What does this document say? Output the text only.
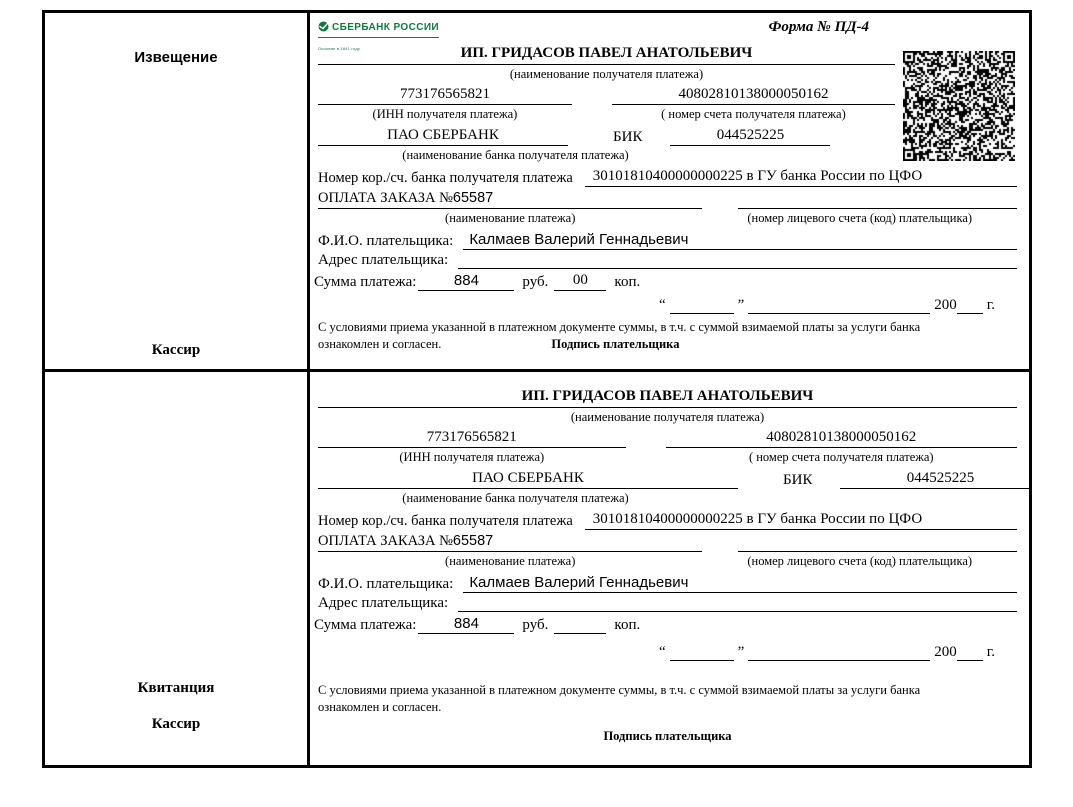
Извещение
Кассир
СБЕРБАНК РОССИИ
Основан в 1841 году
Форма № ПД-4
ИП. ГРИДАСОВ ПАВЕЛ АНАТОЛЬЕВИЧ
(наименование получателя платежа)
773176565821	40802810138000050162
(ИНН получателя платежа)	( номер счета получателя платежа)
ПАО СБЕРБАНК	БИК	044525225
(наименование банка получателя платежа)
Номер кор./сч. банка получателя платежа	30101810400000000225 в ГУ банка России по ЦФО
ОПЛАТА ЗАКАЗА №65587
(наименование платежа)	(номер лицевого счета (код) плательщика)
Ф.И.О. плательщика:	Калмаев Валерий Геннадьевич
Адрес плательщика:
Сумма платежа:	884	руб.	00	коп.
“	”	200 г.
С условиями приема указанной в платежном документе суммы, в т.ч. с суммой взимаемой платы за услуги банка
ознакомлен и согласен.	Подпись плательщика
Квитанция
Кассир
ИП. ГРИДАСОВ ПАВЕЛ АНАТОЛЬЕВИЧ
(наименование получателя платежа)
773176565821	40802810138000050162
(ИНН получателя платежа)	( номер счета получателя платежа)
ПАО СБЕРБАНК	БИК	044525225
(наименование банка получателя платежа)
Номер кор./сч. банка получателя платежа	30101810400000000225 в ГУ банка России по ЦФО
ОПЛАТА ЗАКАЗА №65587
(наименование платежа)	(номер лицевого счета (код) плательщика)
Ф.И.О. плательщика:	Калмаев Валерий Геннадьевич
Адрес плательщика:
Сумма платежа:	884	руб.	коп.
“	”	200 г.
С условиями приема указанной в платежном документе суммы, в т.ч. с суммой взимаемой платы за услуги банка
ознакомлен и согласен.
Подпись плательщика
